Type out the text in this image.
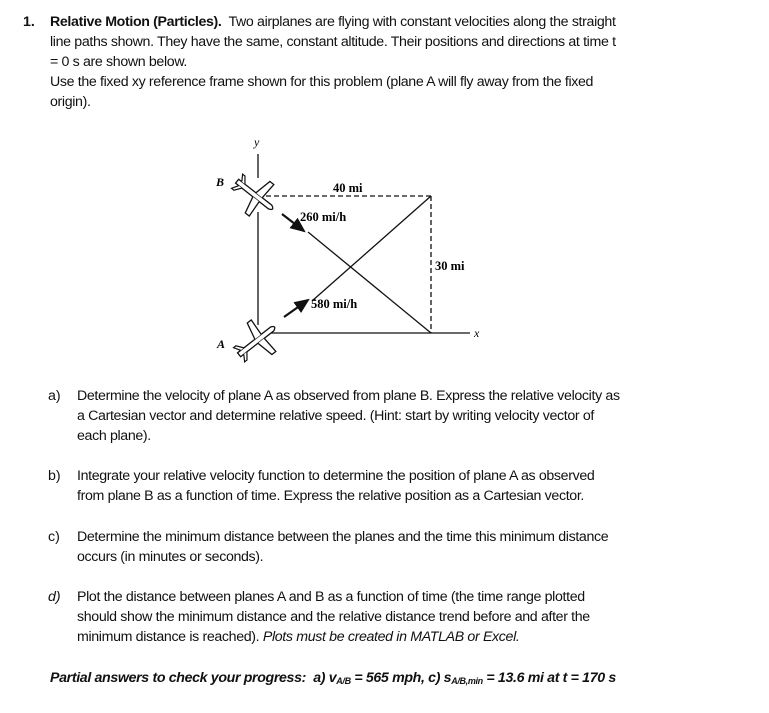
1. Relative Motion (Particles). Two airplanes are flying with constant velocities along the straight
line paths shown. They have the same, constant altitude. Their positions and directions at time t
= 0 s are shown below.
Use the fixed xy reference frame shown for this problem (plane A will fly away from the fixed
origin).
y
x
B
A
40 mi
30 mi
260 mi/h
580 mi/h
a) Determine the velocity of plane A as observed from plane B. Express the relative velocity as
a Cartesian vector and determine relative speed. (Hint: start by writing velocity vector of
each plane).
b) Integrate your relative velocity function to determine the position of plane A as observed
from plane B as a function of time. Express the relative position as a Cartesian vector.
c) Determine the minimum distance between the planes and the time this minimum distance
occurs (in minutes or seconds).
d) Plot the distance between planes A and B as a function of time (the time range plotted
should show the minimum distance and the relative distance trend before and after the
minimum distance is reached). Plots must be created in MATLAB or Excel.
Partial answers to check your progress: a) $v_{A/B} = 565$ mph, c) $s_{A/B,min} = 13.6$ mi at t = 170 s
